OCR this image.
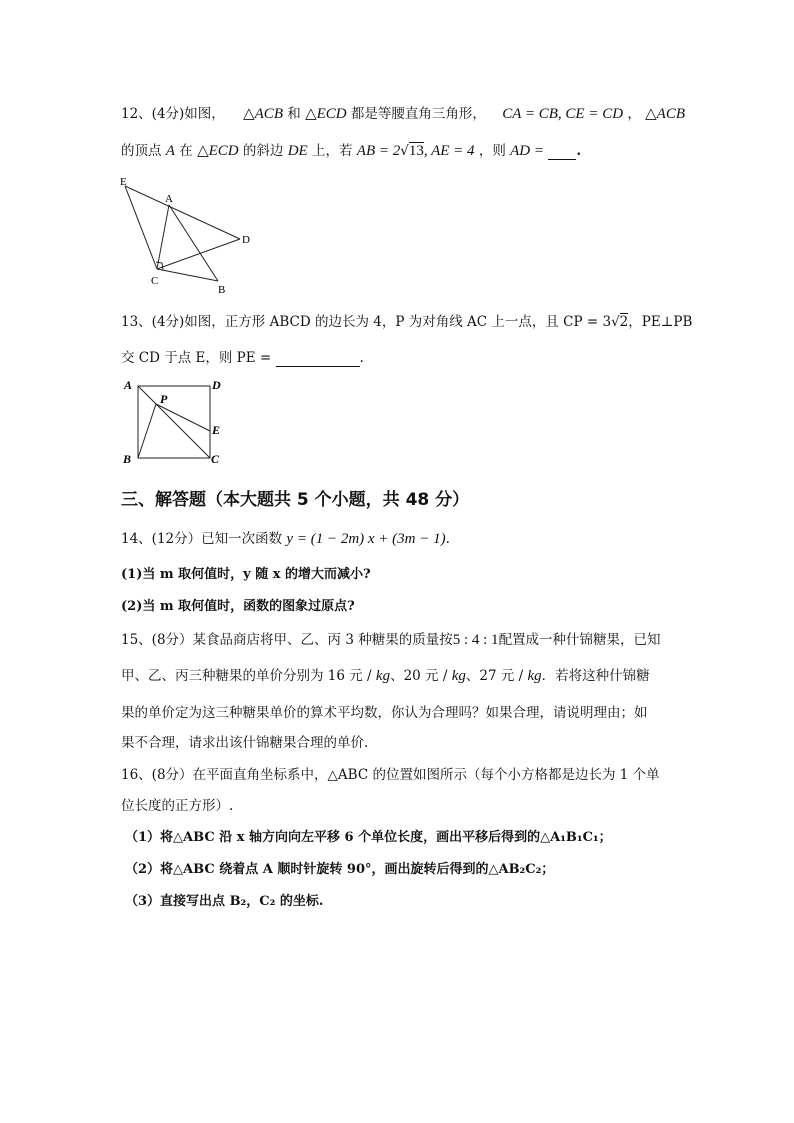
12、(4分)如图， △ACB 和 △ECD 都是等腰直角三角形， CA = CB, CE = CD ， △ACB
的顶点 A 在 △ECD 的斜边 DE 上，若 AB = 2√13, AE = 4 ，则 AD = .
E
A
D
C
B
13、(4分)如图，正方形 ABCD 的边长为 4，P 为对角线 AC 上一点，且 CP = 3√2，PE⊥PB
交 CD 于点 E，则 PE =	.
A	D
P
E
B	C
三、解答题（本大题共 5 个小题，共 48 分）
14、(12分）已知一次函数 y = (1 − 2m) x + (3m − 1).
(1)当 m 取何值时，y 随 x 的增大而减小?
(2)当 m 取何值时，函数的图象过原点?
15、(8分）某食品商店将甲、乙、丙 3 种糖果的质量按5 : 4 : 1配置成一种什锦糖果，已知
甲、乙、丙三种糖果的单价分别为 16 元 / kg、20 元 / kg、27 元 / kg．若将这种什锦糖
果的单价定为这三种糖果单价的算术平均数，你认为合理吗？如果合理，请说明理由；如
果不合理，请求出该什锦糖果合理的单价.
16、(8分）在平面直角坐标系中，△ABC 的位置如图所示（每个小方格都是边长为 1 个单
位长度的正方形）.
（1）将△ABC 沿 x 轴方向向左平移 6 个单位长度，画出平移后得到的△A₁B₁C₁；
（2）将△ABC 绕着点 A 顺时针旋转 90°，画出旋转后得到的△AB₂C₂；
（3）直接写出点 B₂，C₂ 的坐标.
